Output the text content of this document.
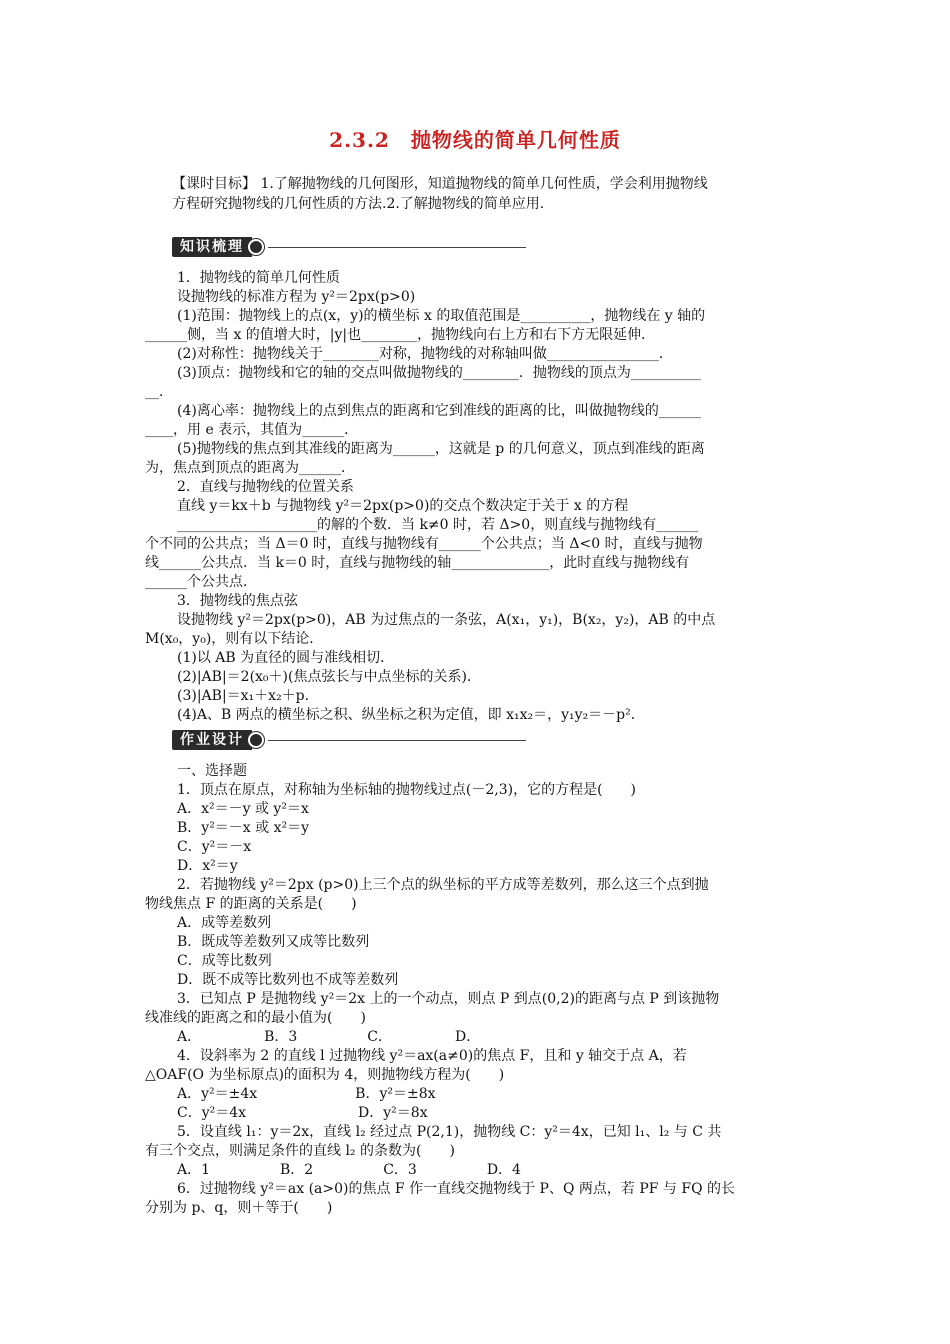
2.3.2　抛物线的简单几何性质

【课时目标】 1.了解抛物线的几何图形，知道抛物线的简单几何性质，学会利用抛物线

方程研究抛物线的几何性质的方法.2.了解抛物线的简单应用.

知识梳理

1．抛物线的简单几何性质

设抛物线的标准方程为 y²＝2px(p>0)

(1)范围：抛物线上的点(x，y)的横坐标 x 的取值范围是__________，抛物线在 y 轴的

______侧，当 x 的值增大时，|y|也________，抛物线向右上方和右下方无限延伸．

(2)对称性：抛物线关于________对称，抛物线的对称轴叫做________________．

(3)顶点：抛物线和它的轴的交点叫做抛物线的________．抛物线的顶点为__________

__．

(4)离心率：抛物线上的点到焦点的距离和它到准线的距离的比，叫做抛物线的______

____，用 e 表示，其值为______．

(5)抛物线的焦点到其准线的距离为______，这就是 p 的几何意义，顶点到准线的距离

为，焦点到顶点的距离为______．

2．直线与抛物线的位置关系

直线 y＝kx＋b 与抛物线 y²＝2px(p>0)的交点个数决定于关于 x 的方程

____________________的解的个数．当 k≠0 时，若 Δ>0，则直线与抛物线有______

个不同的公共点；当 Δ＝0 时，直线与抛物线有______个公共点；当 Δ<0 时，直线与抛物

线______公共点．当 k＝0 时，直线与抛物线的轴______________，此时直线与抛物线有

______个公共点．

3．抛物线的焦点弦

设抛物线 y²＝2px(p>0)，AB 为过焦点的一条弦，A(x₁，y₁)，B(x₂，y₂)，AB 的中点

M(x₀，y₀)，则有以下结论．

(1)以 AB 为直径的圆与准线相切．

(2)|AB|＝2(x₀＋)(焦点弦长与中点坐标的关系)．

(3)|AB|＝x₁＋x₂＋p．

(4)A、B 两点的横坐标之积、纵坐标之积为定值，即 x₁x₂＝，y₁y₂＝－p²．

作业设计

一、选择题

1．顶点在原点，对称轴为坐标轴的抛物线过点(－2,3)，它的方程是(　　)

A．x²＝－y 或 y²＝x

B．y²＝－x 或 x²＝y

C．y²＝－x

D．x²＝y

2．若抛物线 y²＝2px (p>0)上三个点的纵坐标的平方成等差数列，那么这三个点到抛

物线焦点 F 的距离的关系是(　　)

A．成等差数列

B．既成等差数列又成等比数列

C．成等比数列

D．既不成等比数列也不成等差数列

3．已知点 P 是抛物线 y²＝2x 上的一个动点，则点 P 到点(0,2)的距离与点 P 到该抛物

线准线的距离之和的最小值为(　　)

A．　　　　　B．3　　　　　C．　　　　　D．

4．设斜率为 2 的直线 l 过抛物线 y²＝ax(a≠0)的焦点 F，且和 y 轴交于点 A，若

△OAF(O 为坐标原点)的面积为 4，则抛物线方程为(　　)

A．y²＝±4x　　　　　　　B．y²＝±8x

C．y²＝4x　　　　　　　　D．y²＝8x

5．设直线 l₁：y＝2x，直线 l₂ 经过点 P(2,1)，抛物线 C：y²＝4x，已知 l₁、l₂ 与 C 共

有三个交点，则满足条件的直线 l₂ 的条数为(　　)

A．1　　　　　B．2　　　　　C．3　　　　　D．4

6．过抛物线 y²＝ax (a>0)的焦点 F 作一直线交抛物线于 P、Q 两点，若 PF 与 FQ 的长

分别为 p、q，则＋等于(　　)
